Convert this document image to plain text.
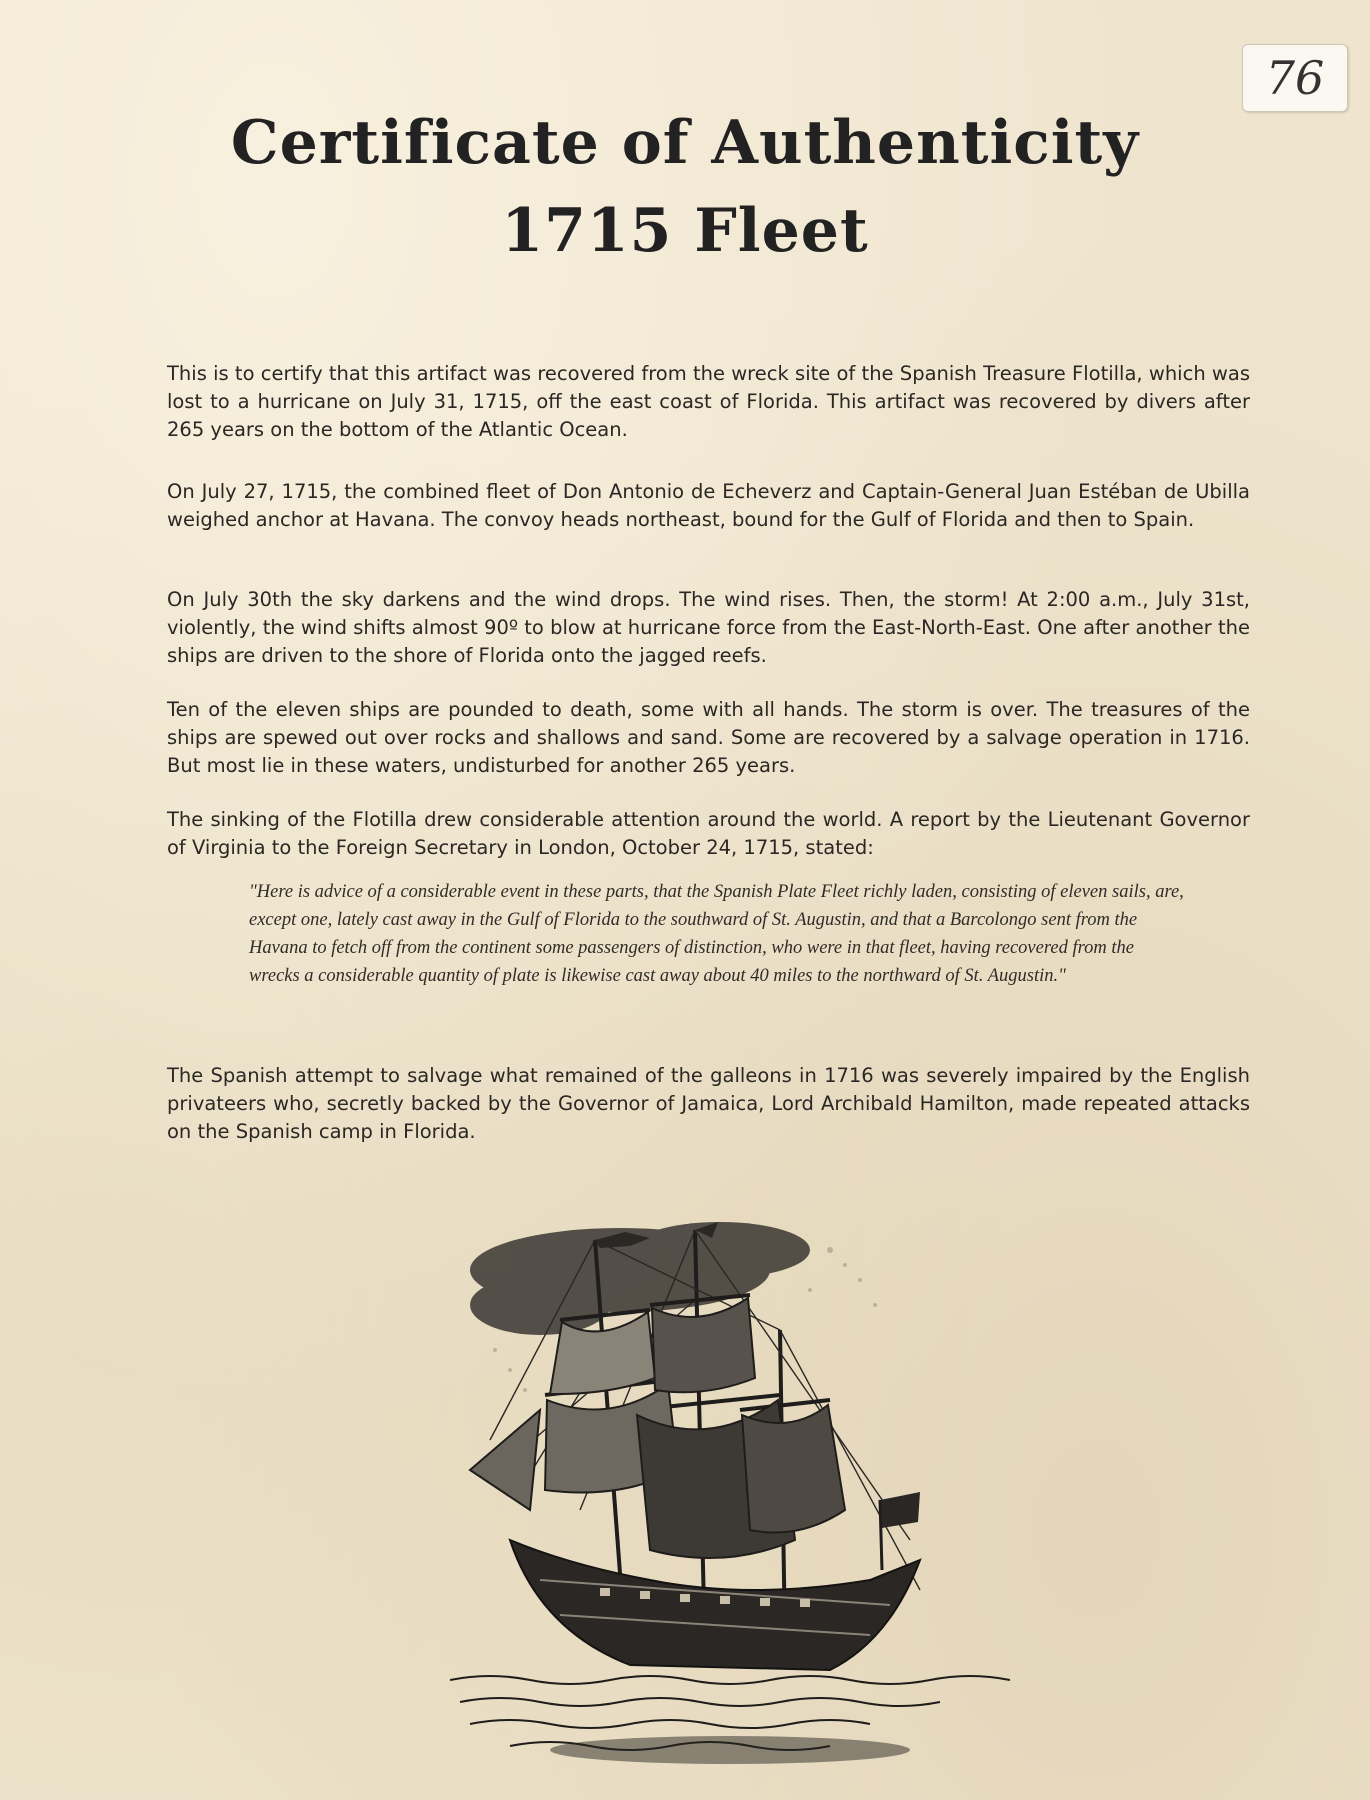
76
Certificate of Authenticity
1715 Fleet

This is to certify that this artifact was recovered from the wreck site of the Spanish Treasure Flotilla, which was lost to a hurricane on July 31, 1715, off the east coast of Florida. This artifact was recovered by divers after 265 years on the bottom of the Atlantic Ocean.

On July 27, 1715, the combined fleet of Don Antonio de Echeverz and Captain-General Juan Estéban de Ubilla weighed anchor at Havana. The convoy heads northeast, bound for the Gulf of Florida and then to Spain.

On July 30th the sky darkens and the wind drops. The wind rises. Then, the storm! At 2:00 a.m., July 31st, violently, the wind shifts almost 90º to blow at hurricane force from the East-North-East. One after another the ships are driven to the shore of Florida onto the jagged reefs.

Ten of the eleven ships are pounded to death, some with all hands. The storm is over. The treasures of the ships are spewed out over rocks and shallows and sand. Some are recovered by a salvage operation in 1716. But most lie in these waters, undisturbed for another 265 years.

The sinking of the Flotilla drew considerable attention around the world. A report by the Lieutenant Governor of Virginia to the Foreign Secretary in London, October 24, 1715, stated:

"Here is advice of a considerable event in these parts, that the Spanish Plate Fleet richly laden, consisting of eleven sails, are, except one, lately cast away in the Gulf of Florida to the southward of St. Augustin, and that a Barcolongo sent from the Havana to fetch off from the continent some passengers of distinction, who were in that fleet, having recovered from the wrecks a considerable quantity of plate is likewise cast away about 40 miles to the northward of St. Augustin."

The Spanish attempt to salvage what remained of the galleons in 1716 was severely impaired by the English privateers who, secretly backed by the Governor of Jamaica, Lord Archibald Hamilton, made repeated attacks on the Spanish camp in Florida.
